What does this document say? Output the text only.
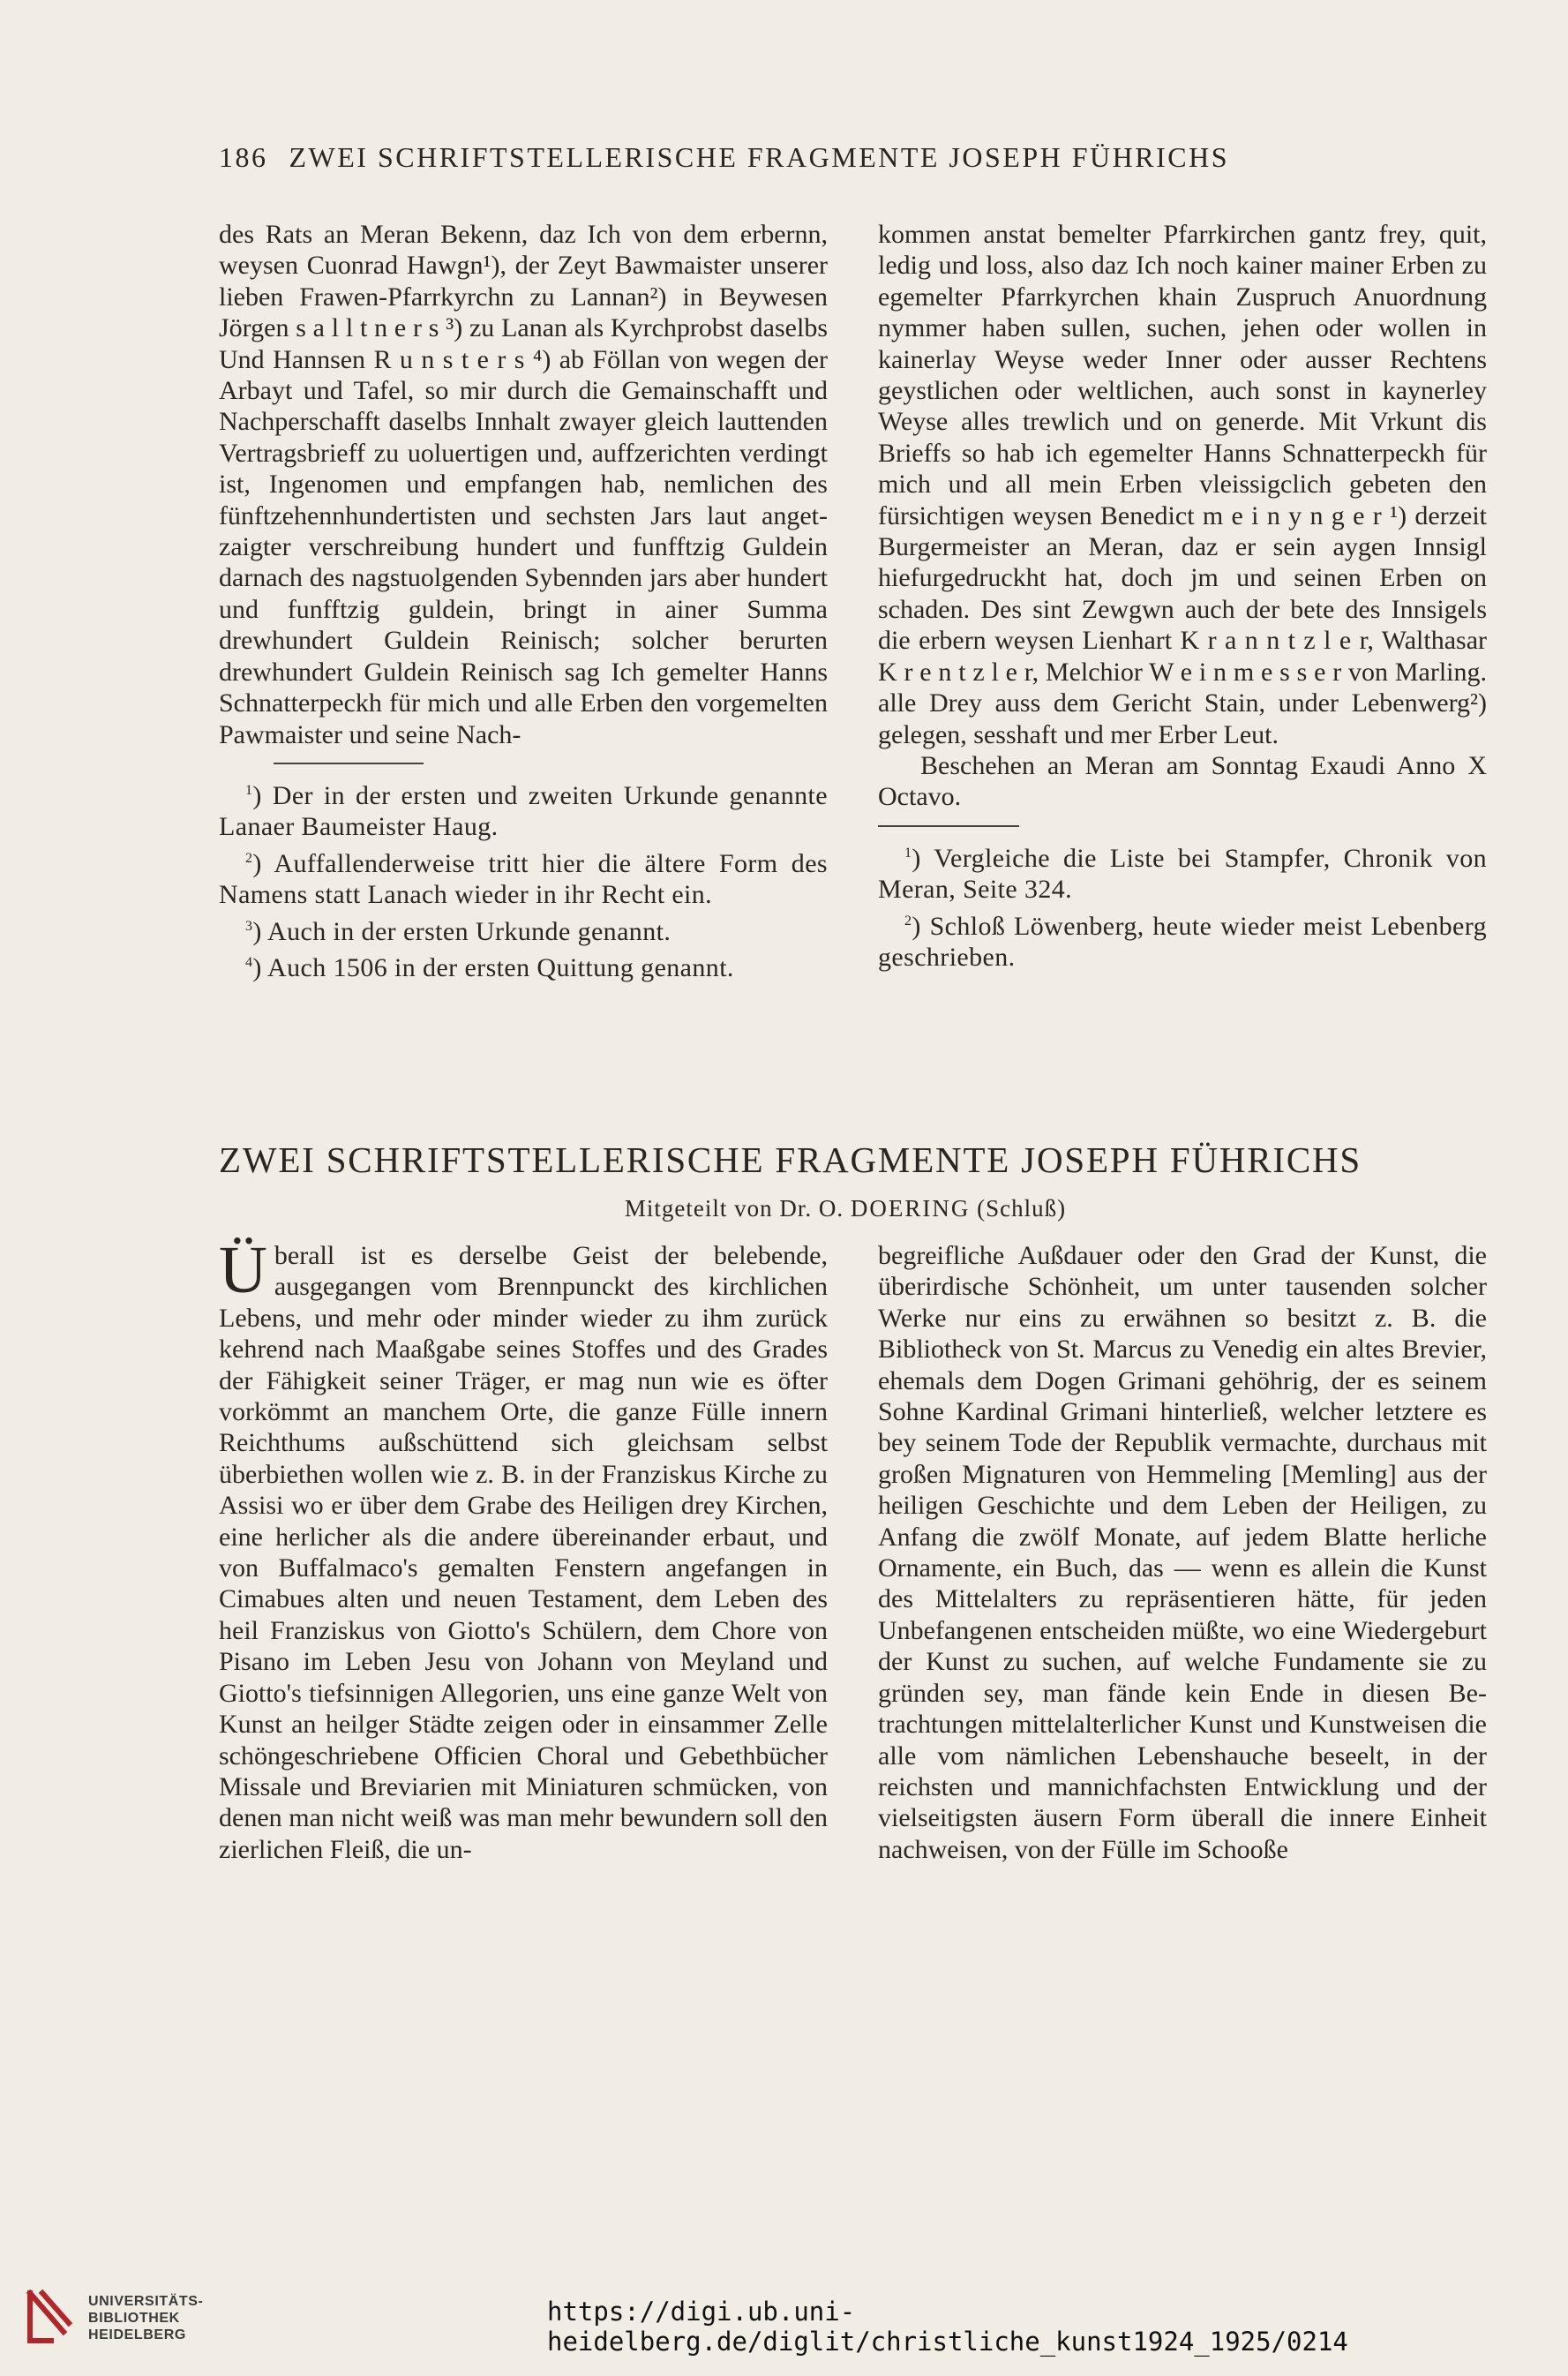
186 ZWEI SCHRIFTSTELLERISCHE FRAGMENTE JOSEPH FÜHRICHS

des Rats an Meran Bekenn, daz Ich von dem erbernn, weysen Cuonrad Hawgn¹), der Zeyt Bawmaister unserer lieben Frawen-Pfarrkyrchn zu Lannan²) in Beywesen Jörgen s a l l t n e r s ³) zu Lanan als Kyrchprobst daselbs Und Hannsen R u n s t e r s ⁴) ab Föllan von wegen der Arbayt und Tafel, so mir durch die Gemainschafft und Nachperschafft daselbs Innhalt zwayer gleich lauttenden Vertragsbrieff zu uoluertigen und, auffzerichten verdingt ist, Ingenomen und empfangen hab, nemlichen des fünftzehennhundertisten und sechsten Jars laut angetzaigter verschreibung hundert und funfftzig Guldein darnach des nagstuolgenden Sybennden jars aber hundert und funfftzig guldein, bringt in ainer Summa drewhundert Guldein Reinisch; solcher berurten drewhundert Guldein Reinisch sag Ich gemelter Hanns Schnatterpeckh für mich und alle Erben den vorgemelten Pawmaister und seine Nach-

$^1$) Der in der ersten und zweiten Urkunde genannte Lanaer Baumeister Haug.

$^2$) Auffallenderweise tritt hier die ältere Form des Namens statt Lanach wieder in ihr Recht ein.

$^3$) Auch in der ersten Urkunde genannt.

$^4$) Auch 1506 in der ersten Quittung genannt.

kommen anstat bemelter Pfarrkirchen gantz frey, quit, ledig und loss, also daz Ich noch kainer mainer Erben zu egemelter Pfarrkyrchen khain Zuspruch Anuordnung nymmer haben sullen, suchen, jehen oder wollen in kainerlay Weyse weder Inner oder ausser Rechtens geystlichen oder weltlichen, auch sonst in kaynerley Weyse alles trewlich und on generde. Mit Vrkunt dis Brieffs so hab ich egemelter Hanns Schnatterpeckh für mich und all mein Erben vleissigclich gebeten den fürsichtigen weysen Benedict m e i n y n g e r ¹) derzeit Burgermeister an Meran, daz er sein aygen Innsigl hiefurgedruckht hat, doch jm und seinen Erben on schaden. Des sint Zewgwn auch der bete des Innsigels die erbern weysen Lienhart K r a n n t z l e r, Walthasar K r e n t z l e r, Melchior W e i n m e s s e r von Marling. alle Drey auss dem Gericht Stain, under Lebenwerg²) gelegen, sesshaft und mer Erber Leut.

Beschehen an Meran am Sonntag Exaudi Anno X Octavo.

$^1$) Vergleiche die Liste bei Stampfer, Chronik von Meran, Seite 324.

$^2$) Schloß Löwenberg, heute wieder meist Lebenberg geschrieben.

ZWEI SCHRIFTSTELLERISCHE FRAGMENTE JOSEPH FÜHRICHS
Mitgeteilt von Dr. O. DOERING (Schluß)

Überall ist es derselbe Geist der belebende, ausgegangen vom Brennpunckt des kirchlichen Lebens, und mehr oder minder wieder zu ihm zurück kehrend nach Maaßgabe seines Stoffes und des Grades der Fähigkeit seiner Träger, er mag nun wie es öfter vorkömmt an manchem Orte, die ganze Fülle innern Reichthums außschüttend sich gleichsam selbst überbiethen wollen wie z. B. in der Franziskus Kirche zu Assisi wo er über dem Grabe des Heiligen drey Kirchen, eine herlicher als die andere übereinander erbaut, und von Buffalmaco's gemalten Fenstern angefangen in Cimabues alten und neuen Testament, dem Leben des heil Franziskus von Giotto's Schülern, dem Chore von Pisano im Leben Jesu von Johann von Meyland und Giotto's tiefsinnigen Allegorien, uns eine ganze Welt von Kunst an heilger Städte zeigen oder in einsammer Zelle schöngeschriebene Officien Choral und Gebethbücher Missale und Breviarien mit Miniaturen schmücken, von denen man nicht weiß was man mehr bewundern soll den zierlichen Fleiß, die un-

begreifliche Außdauer oder den Grad der Kunst, die überirdische Schönheit, um unter tausenden solcher Werke nur eins zu erwähnen so besitzt z. B. die Bibliotheck von St. Marcus zu Venedig ein altes Brevier, ehemals dem Dogen Grimani gehöhrig, der es seinem Sohne Kardinal Grimani hinterließ, welcher letztere es bey seinem Tode der Republik vermachte, durchaus mit großen Mignaturen von Hemmeling [Memling] aus der heiligen Geschichte und dem Leben der Heiligen, zu Anfang die zwölf Monate, auf jedem Blatte herliche Ornamente, ein Buch, das — wenn es allein die Kunst des Mittelalters zu repräsentieren hätte, für jeden Unbefangenen entscheiden müßte, wo eine Wiedergeburt der Kunst zu suchen, auf welche Fundamente sie zu gründen sey, man fände kein Ende in diesen Betrachtungen mittelalterlicher Kunst und Kunstweisen die alle vom nämlichen Lebenshauche beseelt, in der reichsten und mannichfachsten Entwicklung und der vielseitigsten äusern Form überall die innere Einheit nachweisen, von der Fülle im Schooße

UNIVERSITÄTS-
BIBLIOTHEK
HEIDELBERG
https://digi.ub.uni-heidelberg.de/diglit/christliche_kunst1924_1925/0214
